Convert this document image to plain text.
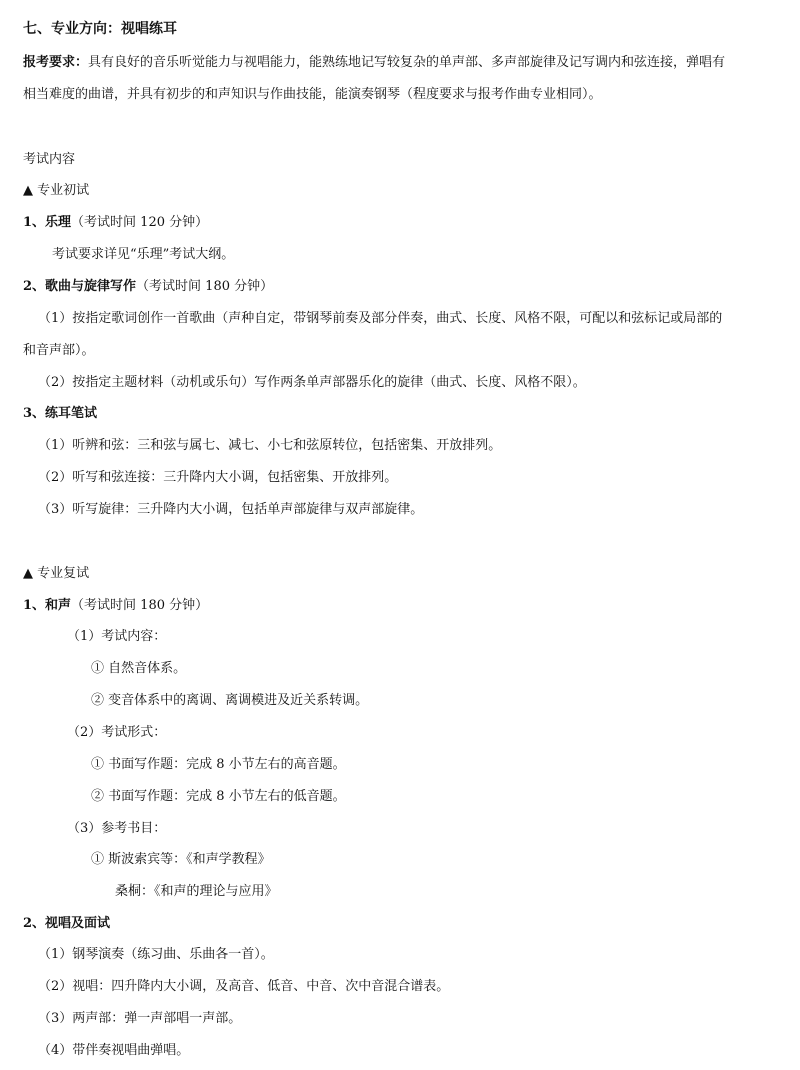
七、专业方向：视唱练耳
报考要求：具有良好的音乐听觉能力与视唱能力，能熟练地记写较复杂的单声部、多声部旋律及记写调内和弦连接，弹唱有
相当难度的曲谱，并具有初步的和声知识与作曲技能，能演奏钢琴（程度要求与报考作曲专业相同）。
考试内容
▲ 专业初试
1、乐理（考试时间 120 分钟）
考试要求详见“乐理”考试大纲。
2、歌曲与旋律写作（考试时间 180 分钟）
（1）按指定歌词创作一首歌曲（声种自定，带钢琴前奏及部分伴奏，曲式、长度、风格不限，可配以和弦标记或局部的
和音声部）。
（2）按指定主题材料（动机或乐句）写作两条单声部器乐化的旋律（曲式、长度、风格不限）。
3、练耳笔试
（1）听辨和弦：三和弦与属七、减七、小七和弦原转位，包括密集、开放排列。
（2）听写和弦连接：三升降内大小调，包括密集、开放排列。
（3）听写旋律：三升降内大小调，包括单声部旋律与双声部旋律。
▲ 专业复试
1、和声（考试时间 180 分钟）
（1）考试内容：
① 自然音体系。
② 变音体系中的离调、离调模进及近关系转调。
（2）考试形式：
① 书面写作题：完成 8 小节左右的高音题。
② 书面写作题：完成 8 小节左右的低音题。
（3）参考书目：
① 斯波索宾等：《和声学教程》
桑桐：《和声的理论与应用》
2、视唱及面试
（1）钢琴演奏（练习曲、乐曲各一首）。
（2）视唱：四升降内大小调，及高音、低音、中音、次中音混合谱表。
（3）两声部：弹一声部唱一声部。
（4）带伴奏视唱曲弹唱。
